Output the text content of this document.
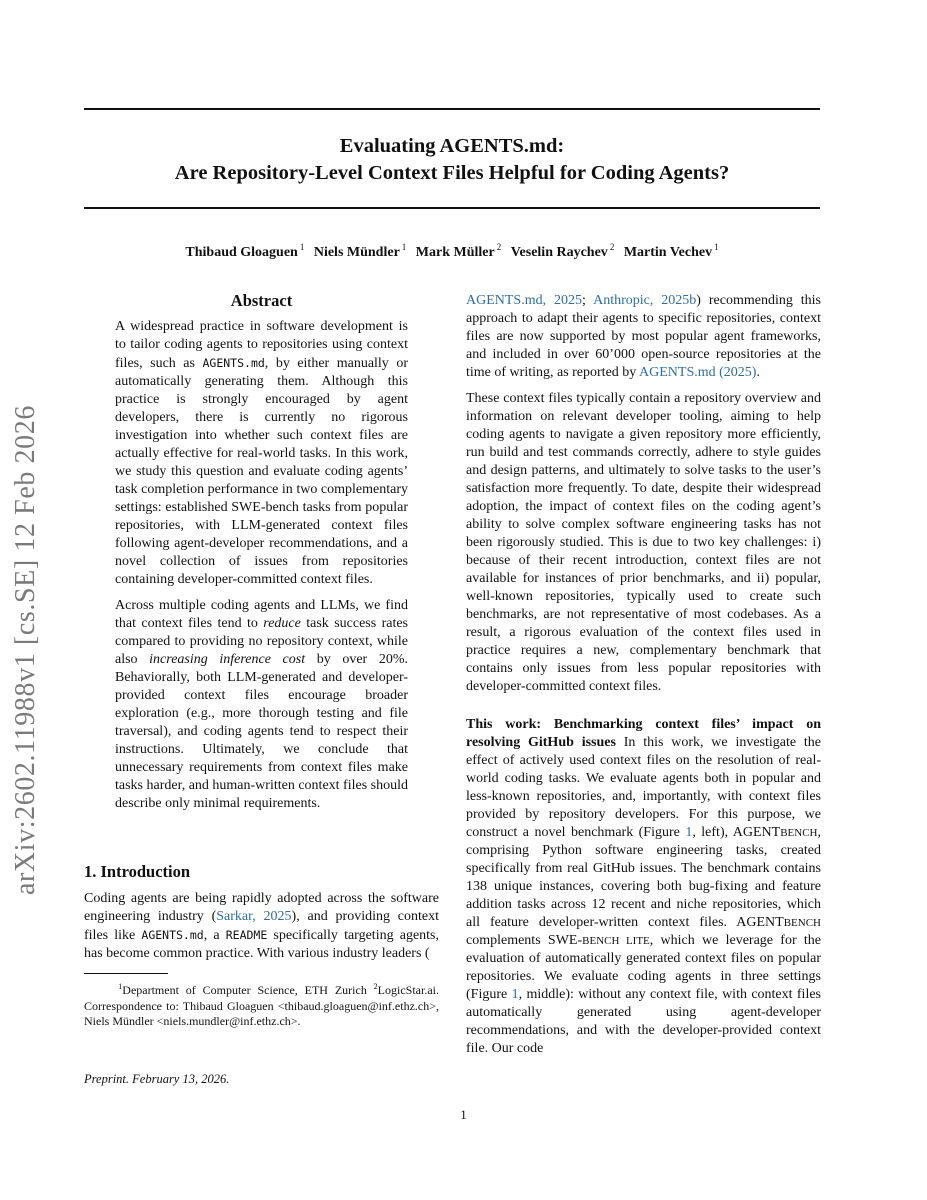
Evaluating AGENTS.md:
Are Repository-Level Context Files Helpful for Coding Agents?
Thibaud Gloaguen $^1$ Niels Mündler $^1$ Mark Müller $^2$ Veselin Raychev $^2$ Martin Vechev $^1$
arXiv:2602.11988v1 [cs.SE] 12 Feb 2026
Abstract

A widespread practice in software development is to tailor coding agents to repositories using context files, such as AGENTS.md, by either manually or automatically generating them. Although this practice is strongly encouraged by agent developers, there is currently no rigorous investigation into whether such context files are actually effective for real-world tasks. In this work, we study this question and evaluate coding agents’ task completion performance in two complementary settings: established SWE-bench tasks from popular repositories, with LLM-generated context files following agent-developer recommendations, and a novel collection of issues from repositories containing developer-committed context files.

Across multiple coding agents and LLMs, we find that context files tend to reduce task success rates compared to providing no repository context, while also increasing inference cost by over 20%. Behaviorally, both LLM-generated and developer-provided context files encourage broader exploration (e.g., more thorough testing and file traversal), and coding agents tend to respect their instructions. Ultimately, we conclude that unnecessary requirements from context files make tasks harder, and human-written context files should describe only minimal requirements.

1. Introduction

Coding agents are being rapidly adopted across the software engineering industry (Sarkar, 2025), and providing context files like AGENTS.md, a README specifically targeting agents, has become common practice. With various industry leaders (

$^1$Department of Computer Science, ETH Zurich $^2$LogicStar.ai. Correspondence to: Thibaud Gloaguen <thibaud.gloaguen@inf.ethz.ch>, Niels Mündler <niels.mundler@inf.ethz.ch>.

Preprint. February 13, 2026.

AGENTS.md, 2025; Anthropic, 2025b) recommending this approach to adapt their agents to specific repositories, context files are now supported by most popular agent frameworks, and included in over 60’000 open-source repositories at the time of writing, as reported by AGENTS.md (2025).

These context files typically contain a repository overview and information on relevant developer tooling, aiming to help coding agents to navigate a given repository more efficiently, run build and test commands correctly, adhere to style guides and design patterns, and ultimately to solve tasks to the user’s satisfaction more frequently. To date, despite their widespread adoption, the impact of context files on the coding agent’s ability to solve complex software engineering tasks has not been rigorously studied. This is due to two key challenges: i) because of their recent introduction, context files are not available for instances of prior benchmarks, and ii) popular, well-known repositories, typically used to create such benchmarks, are not representative of most codebases. As a result, a rigorous evaluation of the context files used in practice requires a new, complementary benchmark that contains only issues from less popular repositories with developer-committed context files.

This work: Benchmarking context files’ impact on resolving GitHub issues In this work, we investigate the effect of actively used context files on the resolution of real-world coding tasks. We evaluate agents both in popular and less-known repositories, and, importantly, with context files provided by repository developers. For this purpose, we construct a novel benchmark (Figure 1, left), AGENTBENCH, comprising Python software engineering tasks, created specifically from real GitHub issues. The benchmark contains 138 unique instances, covering both bug-fixing and feature addition tasks across 12 recent and niche repositories, which all feature developer-written context files. AGENTBENCH complements SWE-BENCH LITE, which we leverage for the evaluation of automatically generated context files on popular repositories. We evaluate coding agents in three settings (Figure 1, middle): without any context file, with context files automatically generated using agent-developer recommendations, and with the developer-provided context file. Our code

1
